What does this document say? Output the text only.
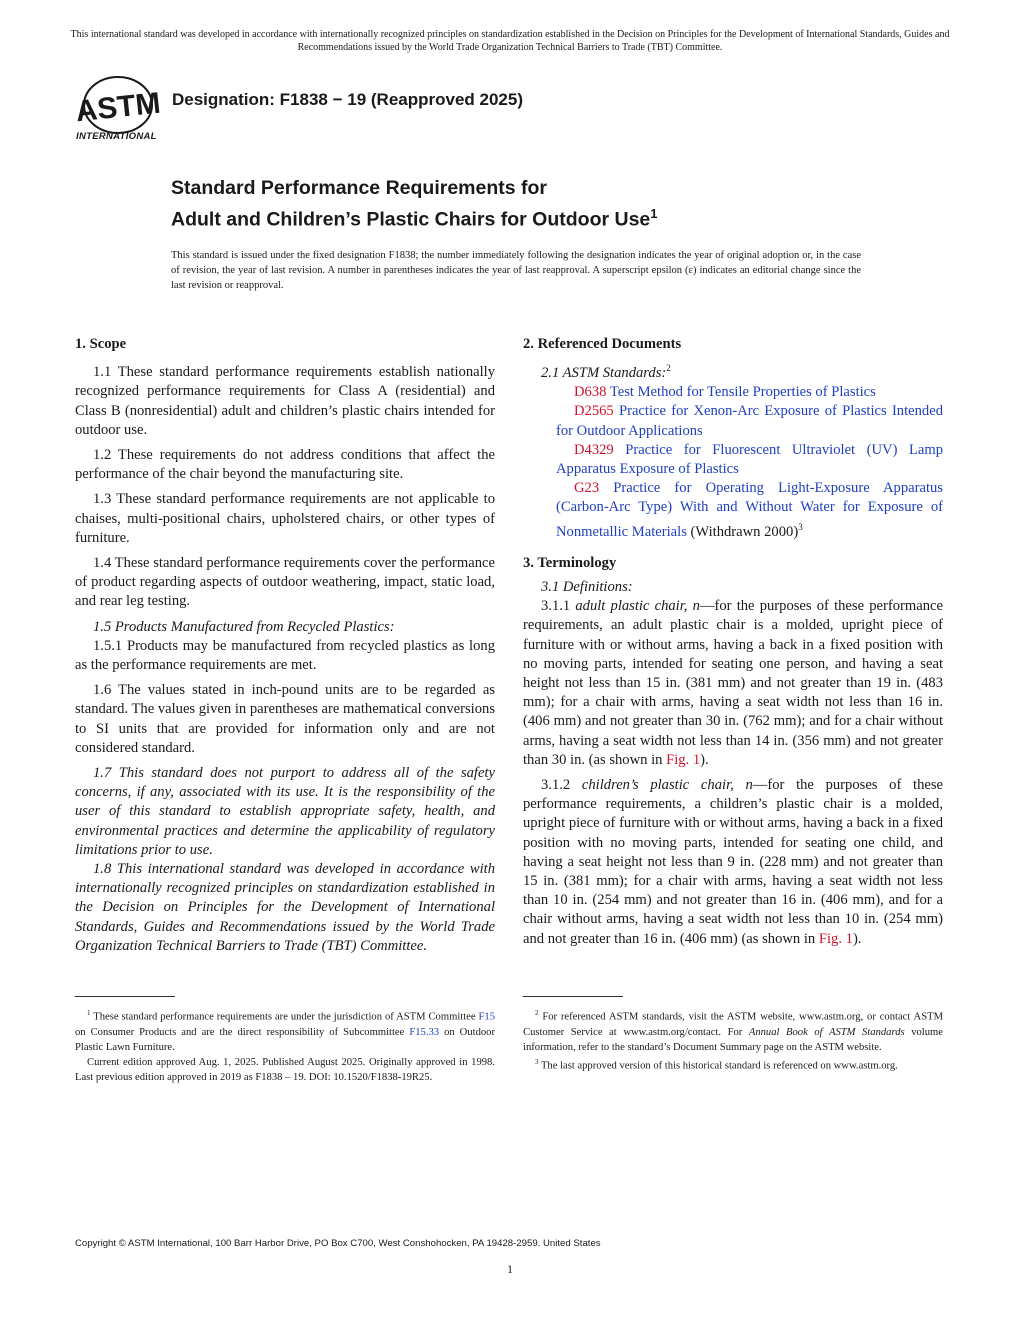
This international standard was developed in accordance with internationally recognized principles on standardization established in the Decision on Principles for the Development of International Standards, Guides and Recommendations issued by the World Trade Organization Technical Barriers to Trade (TBT) Committee.
ASTM
INTERNATIONAL
Designation: F1838 − 19 (Reapproved 2025)
Standard Performance Requirements for
Adult and Children’s Plastic Chairs for Outdoor Use$^1$
This standard is issued under the fixed designation F1838; the number immediately following the designation indicates the year of original adoption or, in the case of revision, the year of last revision. A number in parentheses indicates the year of last reapproval. A superscript epsilon (ε) indicates an editorial change since the last revision or reapproval.

1. Scope

1.1 These standard performance requirements establish nationally recognized performance requirements for Class A (residential) and Class B (nonresidential) adult and children’s plastic chairs intended for outdoor use.

1.2 These requirements do not address conditions that affect the performance of the chair beyond the manufacturing site.

1.3 These standard performance requirements are not applicable to chaises, multi-positional chairs, upholstered chairs, or other types of furniture.

1.4 These standard performance requirements cover the performance of product regarding aspects of outdoor weathering, impact, static load, and rear leg testing.

1.5 Products Manufactured from Recycled Plastics:

1.5.1 Products may be manufactured from recycled plastics as long as the performance requirements are met.

1.6 The values stated in inch-pound units are to be regarded as standard. The values given in parentheses are mathematical conversions to SI units that are provided for information only and are not considered standard.

1.7 This standard does not purport to address all of the safety concerns, if any, associated with its use. It is the responsibility of the user of this standard to establish appropriate safety, health, and environmental practices and determine the applicability of regulatory limitations prior to use.

1.8 This international standard was developed in accordance with internationally recognized principles on standardization established in the Decision on Principles for the Development of International Standards, Guides and Recommendations issued by the World Trade Organization Technical Barriers to Trade (TBT) Committee.

2. Referenced Documents

2.1 ASTM Standards:$^2$

D638 Test Method for Tensile Properties of Plastics

D2565 Practice for Xenon-Arc Exposure of Plastics Intended for Outdoor Applications

D4329 Practice for Fluorescent Ultraviolet (UV) Lamp Apparatus Exposure of Plastics

G23 Practice for Operating Light-Exposure Apparatus (Carbon-Arc Type) With and Without Water for Exposure of Nonmetallic Materials (Withdrawn 2000)$^3$

3. Terminology

3.1 Definitions:

3.1.1 adult plastic chair, n—for the purposes of these performance requirements, an adult plastic chair is a molded, upright piece of furniture with or without arms, having a back in a fixed position with no moving parts, intended for seating one person, and having a seat height not less than 15 in. (381 mm) and not greater than 19 in. (483 mm); for a chair with arms, having a seat width not less than 16 in. (406 mm) and not greater than 30 in. (762 mm); and for a chair without arms, having a seat width not less than 14 in. (356 mm) and not greater than 30 in. (as shown in Fig. 1).

3.1.2 children’s plastic chair, n—for the purposes of these performance requirements, a children’s plastic chair is a molded, upright piece of furniture with or without arms, having a back in a fixed position with no moving parts, intended for seating one child, and having a seat height not less than 9 in. (228 mm) and not greater than 15 in. (381 mm); for a chair with arms, having a seat width not less than 10 in. (254 mm) and not greater than 16 in. (406 mm), and for a chair without arms, having a seat width not less than 10 in. (254 mm) and not greater than 16 in. (406 mm) (as shown in Fig. 1).

$^1$ These standard performance requirements are under the jurisdiction of ASTM Committee F15 on Consumer Products and are the direct responsibility of Subcommittee F15.33 on Outdoor Plastic Lawn Furniture.

Current edition approved Aug. 1, 2025. Published August 2025. Originally approved in 1998. Last previous edition approved in 2019 as F1838 – 19. DOI: 10.1520/F1838-19R25.

$^2$ For referenced ASTM standards, visit the ASTM website, www.astm.org, or contact ASTM Customer Service at www.astm.org/contact. For Annual Book of ASTM Standards volume information, refer to the standard’s Document Summary page on the ASTM website.

$^3$ The last approved version of this historical standard is referenced on www.astm.org.

Copyright © ASTM International, 100 Barr Harbor Drive, PO Box C700, West Conshohocken, PA 19428-2959. United States
1
